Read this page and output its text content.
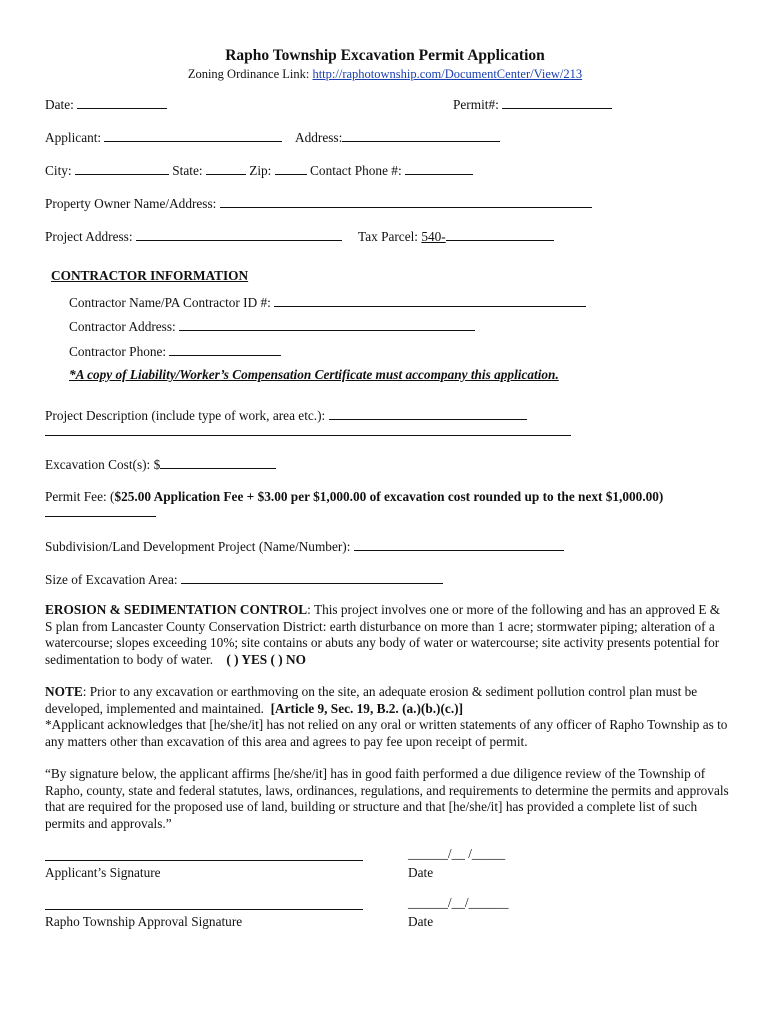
Rapho Township Excavation Permit Application
Zoning Ordinance Link: http://raphotownship.com/DocumentCenter/View/213
Date:	Permit#:
Applicant:	Address:
City:	State:	Zip:	Contact Phone #:
Property Owner Name/Address:
Project Address:	Tax Parcel: 540-
CONTRACTOR INFORMATION
Contractor Name/PA Contractor ID #:
Contractor Address:
Contractor Phone:
*A copy of Liability/Worker’s Compensation Certificate must accompany this application.
Project Description (include type of work, area etc.):
Excavation Cost(s): $
Permit Fee: ($25.00 Application Fee + $3.00 per $1,000.00 of excavation cost rounded up to the next $1,000.00)
Subdivision/Land Development Project (Name/Number):
Size of Excavation Area:
EROSION & SEDIMENTATION CONTROL: This project involves one or more of the following and has an approved E & S plan from Lancaster County Conservation District: earth disturbance on more than 1 acre; stormwater piping; alteration of a watercourse; slopes exceeding 10%; site contains or abuts any body of water or watercourse; site activity presents potential for sedimentation to body of water. ( ) YES ( ) NO
NOTE: Prior to any excavation or earthmoving on the site, an adequate erosion & sediment pollution control plan must be developed, implemented and maintained. [Article 9, Sec. 19, B.2. (a.)(b.)(c.)]
*Applicant acknowledges that [he/she/it] has not relied on any oral or written statements of any officer of Rapho Township as to any matters other than excavation of this area and agrees to pay fee upon receipt of permit.
“By signature below, the applicant affirms [he/she/it] has in good faith performed a due diligence review of the Township of Rapho, county, state and federal statutes, laws, ordinances, regulations, and requirements to determine the permits and approvals that are required for the proposed use of land, building or structure and that [he/she/it] has provided a complete list of such permits and approvals.”
______/__ /_____
Applicant’s Signature	Date
______/__/______
Rapho Township Approval Signature	Date
